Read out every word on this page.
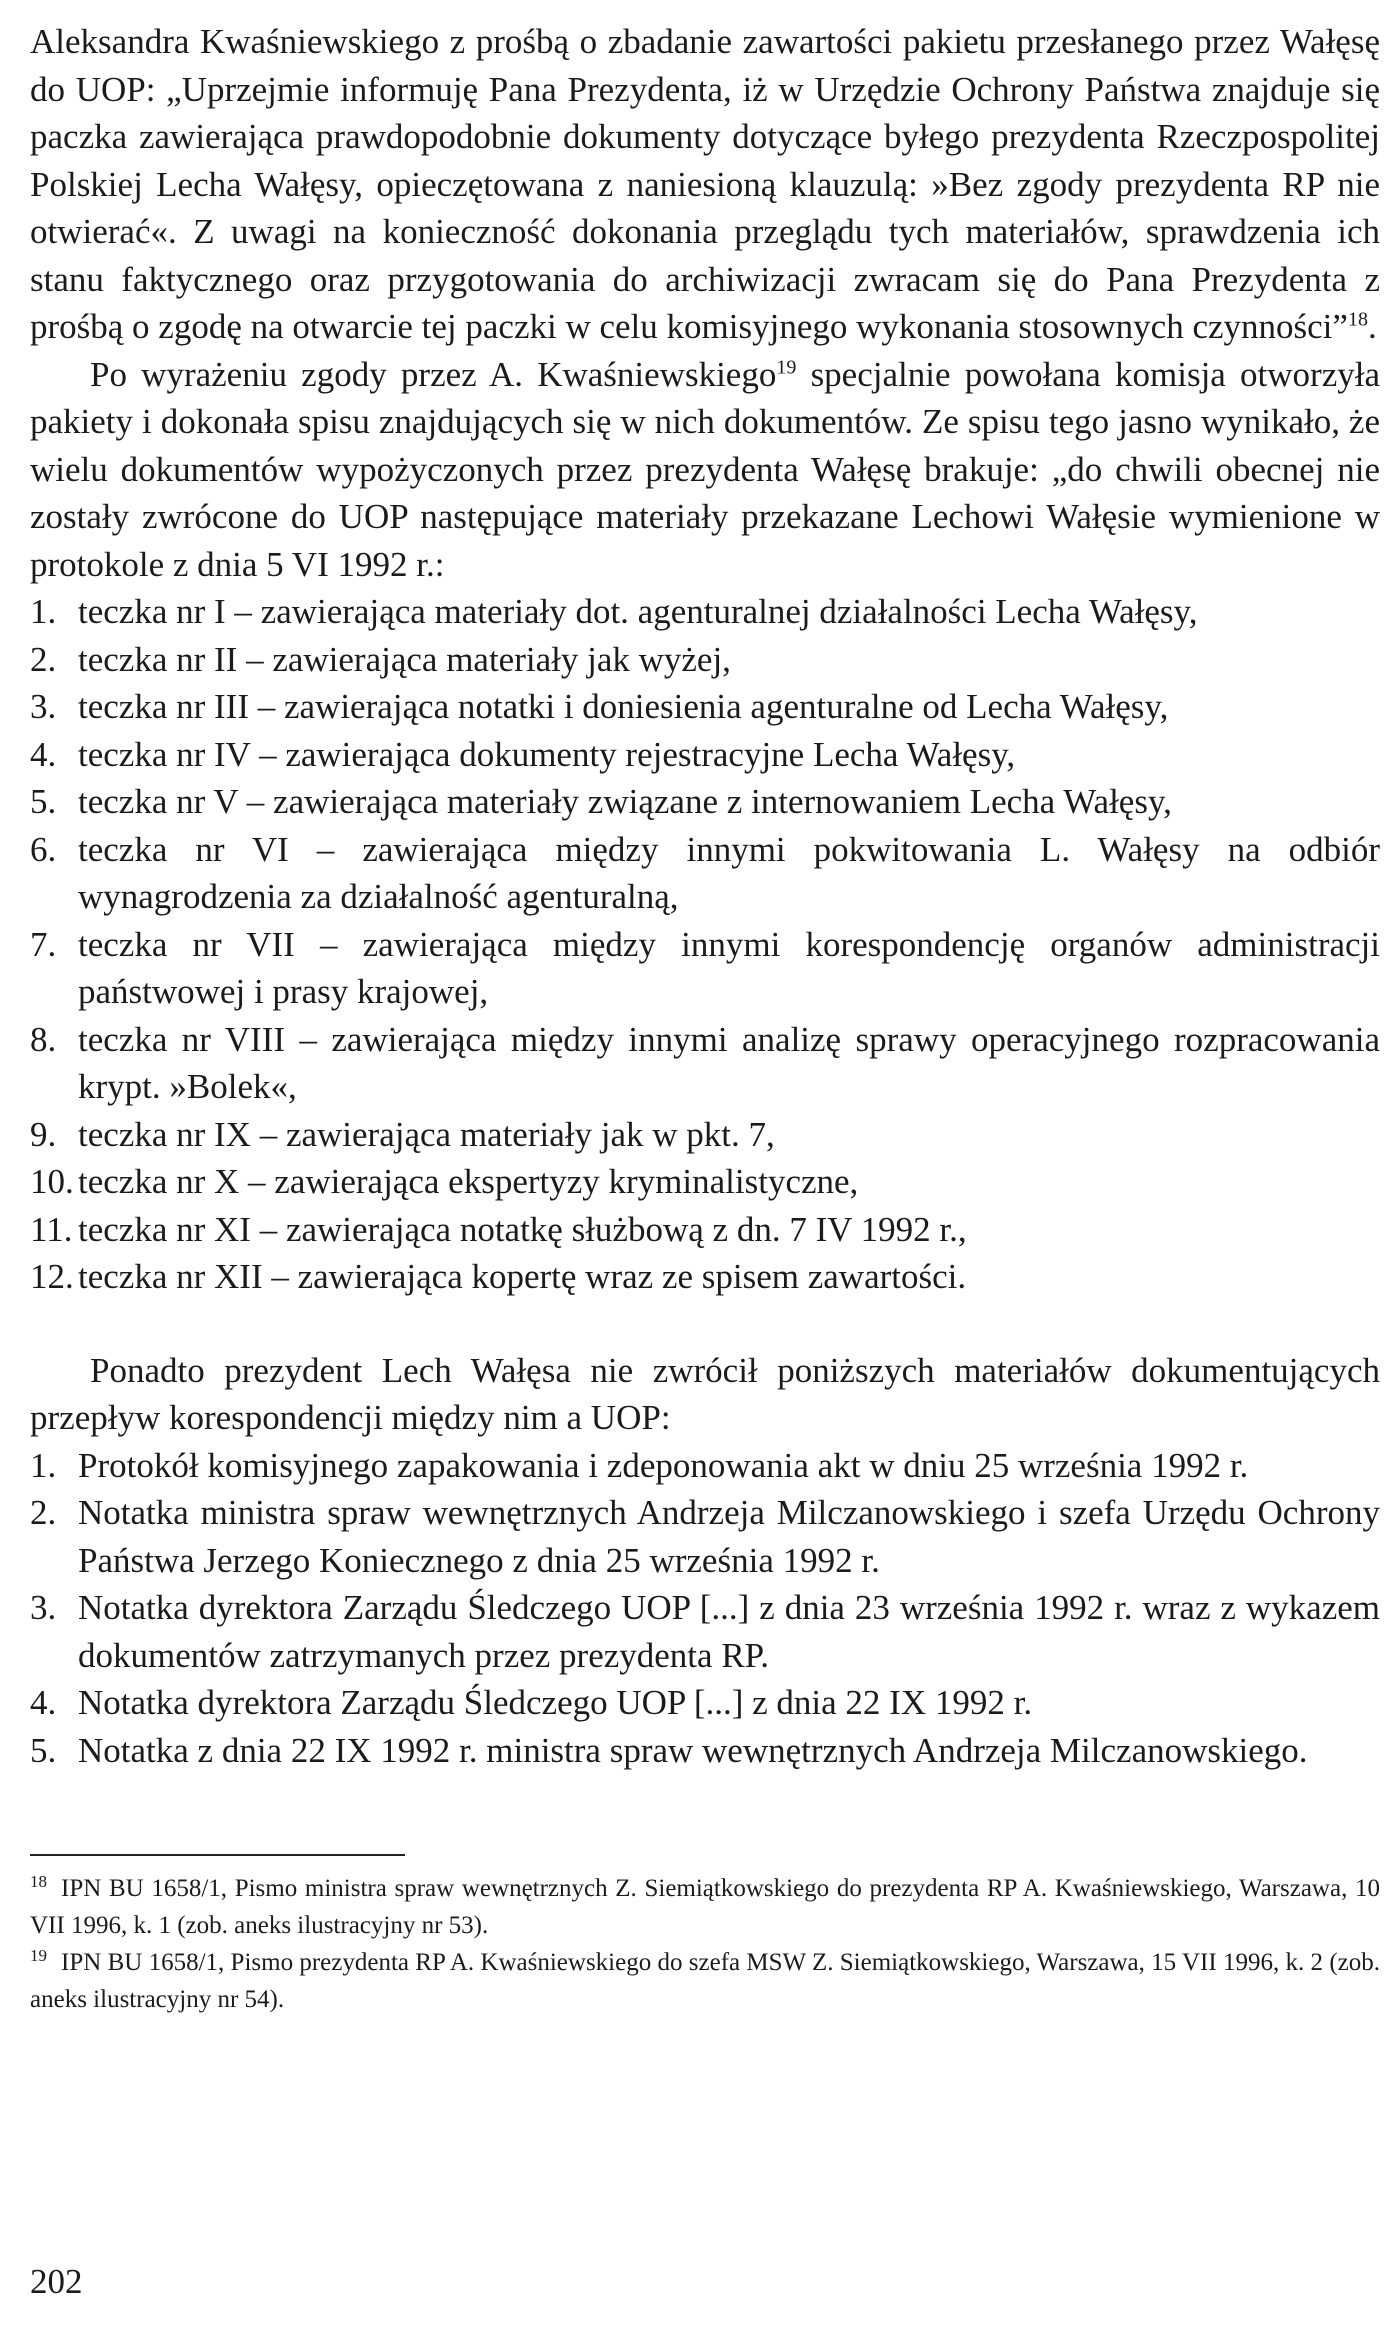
Aleksandra Kwaśniewskiego z prośbą o zbadanie zawartości pakietu przesłanego przez Wałęsę do UOP: „Uprzejmie informuję Pana Prezydenta, iż w Urzędzie Ochrony Państwa znajduje się paczka zawierająca prawdopodobnie dokumenty dotyczące byłego prezydenta Rzeczpospolitej Polskiej Lecha Wałęsy, opieczętowana z naniesioną klauzulą: »Bez zgody prezydenta RP nie otwierać«. Z uwagi na konieczność dokonania przeglądu tych materiałów, sprawdzenia ich stanu faktycznego oraz przygotowania do archiwizacji zwracam się do Pana Prezydenta z prośbą o zgodę na otwarcie tej paczki w celu komisyjnego wykonania stosownych czynności”$^{18}$.

Po wyrażeniu zgody przez A. Kwaśniewskiego$^{19}$ specjalnie powołana komisja otworzyła pakiety i dokonała spisu znajdujących się w nich dokumentów. Ze spisu tego jasno wynikało, że wielu dokumentów wypożyczonych przez prezydenta Wałęsę brakuje: „do chwili obecnej nie zostały zwrócone do UOP następujące materiały przekazane Lechowi Wałęsie wymienione w protokole z dnia 5 VI 1992 r.:

1. teczka nr I – zawierająca materiały dot. agenturalnej działalności Lecha Wałęsy,
2. teczka nr II – zawierająca materiały jak wyżej,
3. teczka nr III – zawierająca notatki i doniesienia agenturalne od Lecha Wałęsy,
4. teczka nr IV – zawierająca dokumenty rejestracyjne Lecha Wałęsy,
5. teczka nr V – zawierająca materiały związane z internowaniem Lecha Wałęsy,
6. teczka nr VI – zawierająca między innymi pokwitowania L. Wałęsy na odbiór wynagrodzenia za działalność agenturalną,
7. teczka nr VII – zawierająca między innymi korespondencję organów administracji państwowej i prasy krajowej,
8. teczka nr VIII – zawierająca między innymi analizę sprawy operacyjnego rozpracowania krypt. »Bolek«,
9. teczka nr IX – zawierająca materiały jak w pkt. 7,
10. teczka nr X – zawierająca ekspertyzy kryminalistyczne,
11. teczka nr XI – zawierająca notatkę służbową z dn. 7 IV 1992 r.,
12. teczka nr XII – zawierająca kopertę wraz ze spisem zawartości.

Ponadto prezydent Lech Wałęsa nie zwrócił poniższych materiałów dokumentujących przepływ korespondencji między nim a UOP:

1. Protokół komisyjnego zapakowania i zdeponowania akt w dniu 25 września 1992 r.
2. Notatka ministra spraw wewnętrznych Andrzeja Milczanowskiego i szefa Urzędu Ochrony Państwa Jerzego Koniecznego z dnia 25 września 1992 r.
3. Notatka dyrektora Zarządu Śledczego UOP [...] z dnia 23 września 1992 r. wraz z wykazem dokumentów zatrzymanych przez prezydenta RP.
4. Notatka dyrektora Zarządu Śledczego UOP [...] z dnia 22 IX 1992 r.
5. Notatka z dnia 22 IX 1992 r. ministra spraw wewnętrznych Andrzeja Milczanowskiego.

$^{18}$ IPN BU 1658/1, Pismo ministra spraw wewnętrznych Z. Siemiątkowskiego do prezydenta RP A. Kwaśniewskiego, Warszawa, 10 VII 1996, k. 1 (zob. aneks ilustracyjny nr 53).

$^{19}$ IPN BU 1658/1, Pismo prezydenta RP A. Kwaśniewskiego do szefa MSW Z. Siemiątkowskiego, Warszawa, 15 VII 1996, k. 2 (zob. aneks ilustracyjny nr 54).

202
